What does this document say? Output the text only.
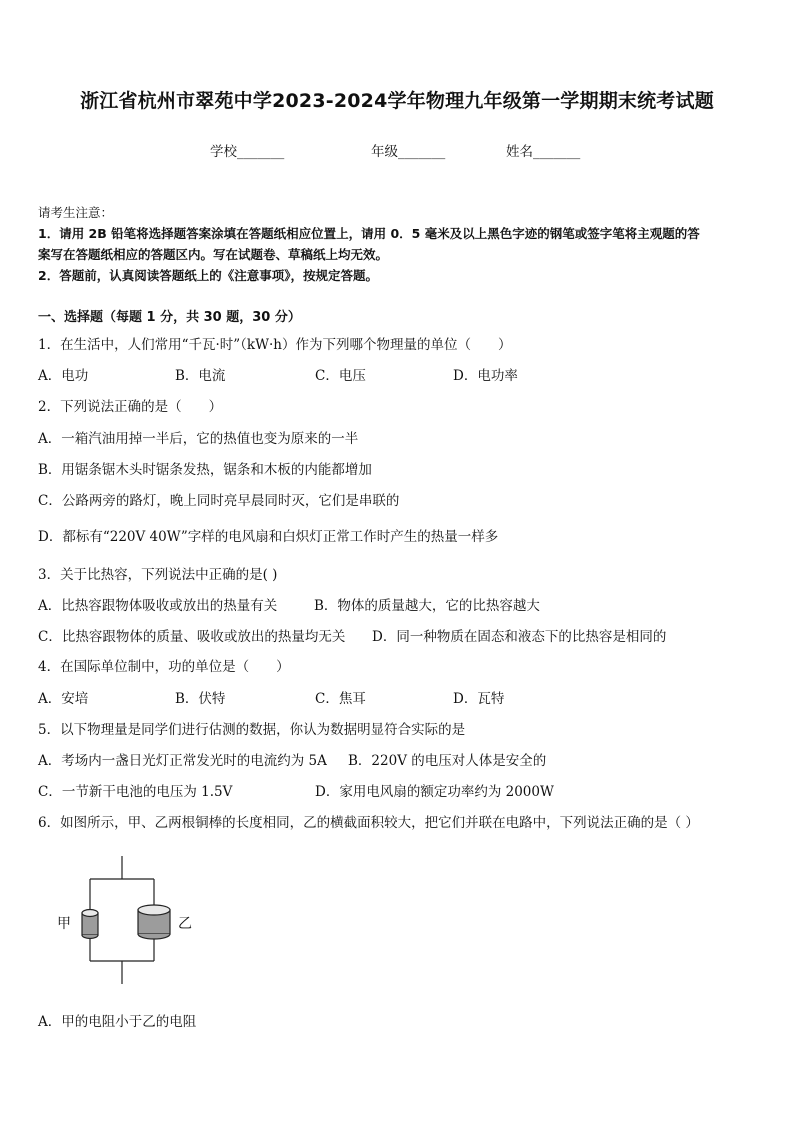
浙江省杭州市翠苑中学2023-2024学年物理九年级第一学期期末统考试题
学校_______	年级_______	姓名_______
请考生注意：
1．请用 2B 铅笔将选择题答案涂填在答题纸相应位置上，请用 0．5 毫米及以上黑色字迹的钢笔或签字笔将主观题的答
案写在答题纸相应的答题区内。写在试题卷、草稿纸上均无效。
2．答题前，认真阅读答题纸上的《注意事项》，按规定答题。
一、选择题（每题 1 分，共 30 题，30 分）
1．在生活中，人们常用“千瓦·时”（kW·h）作为下列哪个物理量的单位（　　）
A．电功	B．电流	C．电压	D．电功率
2．下列说法正确的是（　　）
A．一箱汽油用掉一半后，它的热值也变为原来的一半
B．用锯条锯木头时锯条发热，锯条和木板的内能都增加
C．公路两旁的路灯，晚上同时亮早晨同时灭，它们是串联的
D．都标有“220V 40W”字样的电风扇和白炽灯正常工作时产生的热量一样多
3．关于比热容，下列说法中正确的是( )
A．比热容跟物体吸收或放出的热量有关	B．物体的质量越大，它的比热容越大
C．比热容跟物体的质量、吸收或放出的热量均无关 D．同一种物质在固态和液态下的比热容是相同的
4．在国际单位制中，功的单位是（　　）
A．安培	B．伏特	C．焦耳	D．瓦特
5．以下物理量是同学们进行估测的数据，你认为数据明显符合实际的是
A．考场内一盏日光灯正常发光时的电流约为 5A B．220V 的电压对人体是安全的
C．一节新干电池的电压为 1.5V	D．家用电风扇的额定功率约为 2000W
6．如图所示，甲、乙两根铜棒的长度相同，乙的横截面积较大，把它们并联在电路中，下列说法正确的是（ ）
甲	乙
A．甲的电阻小于乙的电阻
